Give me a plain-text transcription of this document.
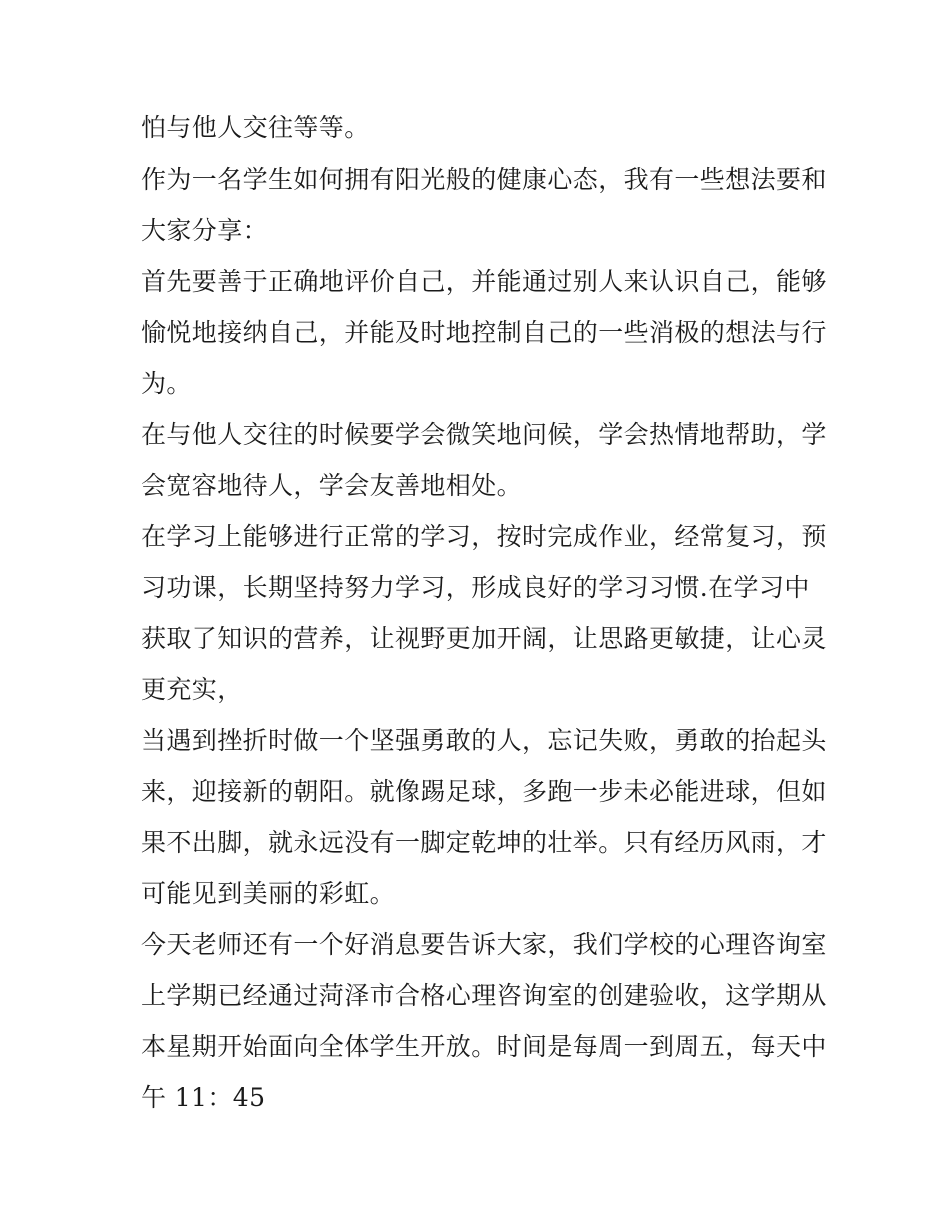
怕与他人交往等等。
作为一名学生如何拥有阳光般的健康心态，我有一些想法要和
大家分享：
首先要善于正确地评价自己，并能通过别人来认识自己，能够
愉悦地接纳自己，并能及时地控制自己的一些消极的想法与行
为。
在与他人交往的时候要学会微笑地问候，学会热情地帮助，学
会宽容地待人，学会友善地相处。
在学习上能够进行正常的学习，按时完成作业，经常复习，预
习功课，长期坚持努力学习，形成良好的学习习惯.在学习中
获取了知识的营养，让视野更加开阔，让思路更敏捷，让心灵
更充实，
当遇到挫折时做一个坚强勇敢的人，忘记失败，勇敢的抬起头
来，迎接新的朝阳。就像踢足球，多跑一步未必能进球，但如
果不出脚，就永远没有一脚定乾坤的壮举。只有经历风雨，才
可能见到美丽的彩虹。
今天老师还有一个好消息要告诉大家，我们学校的心理咨询室
上学期已经通过菏泽市合格心理咨询室的创建验收，这学期从
本星期开始面向全体学生开放。时间是每周一到周五，每天中
午 11：45
